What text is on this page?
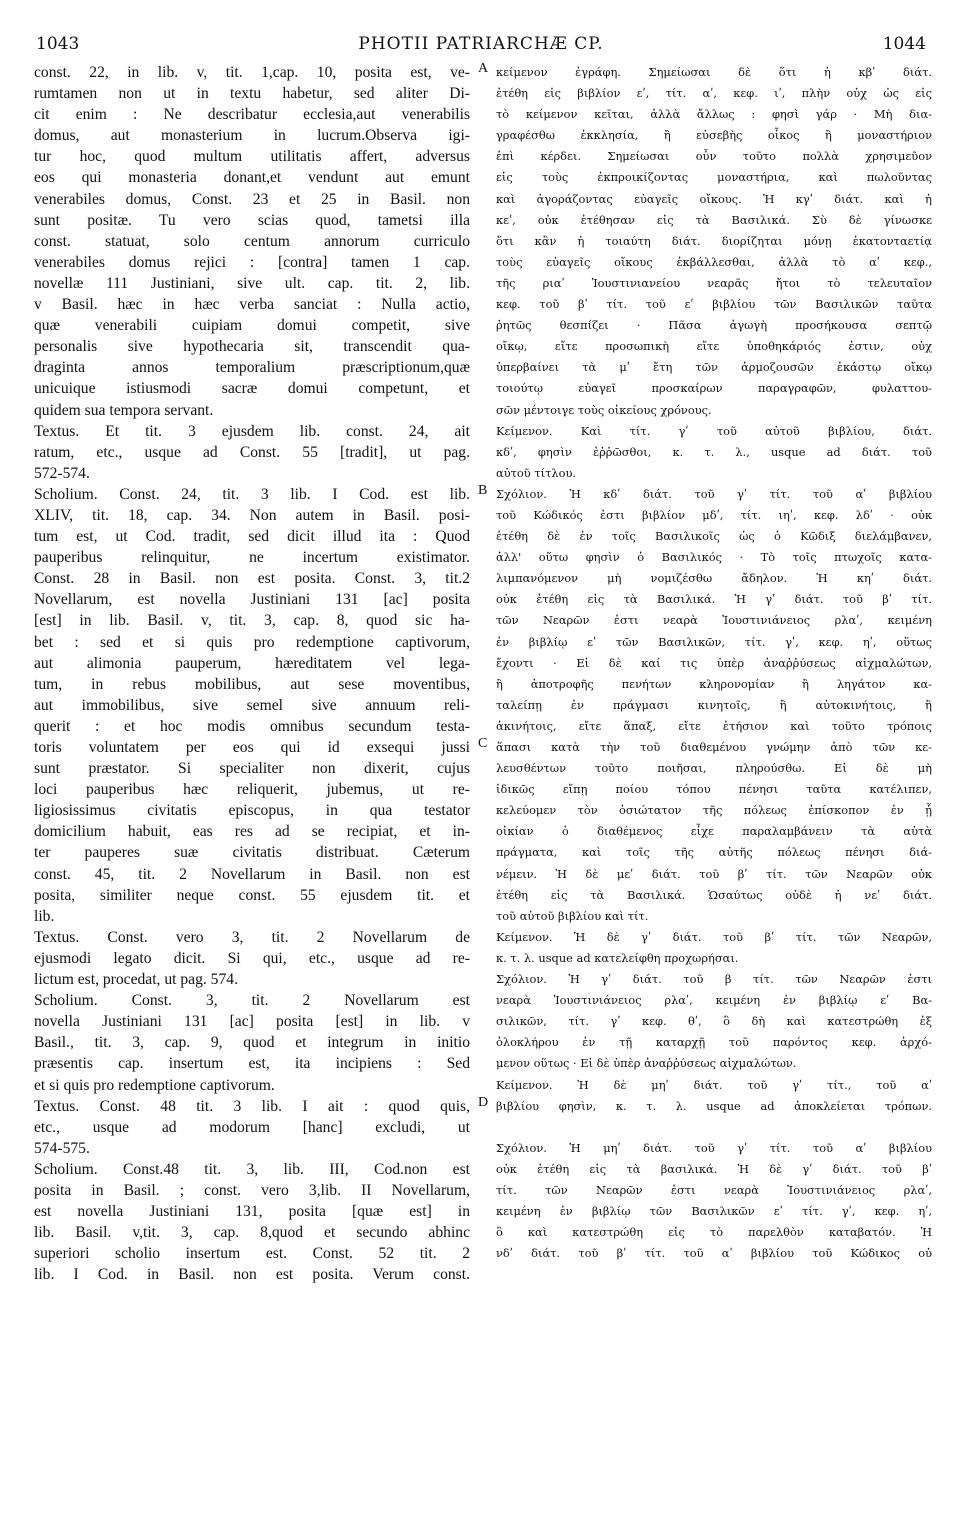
1043	PHOTII PATRIARCHÆ CP.	1044
const. 22, in lib. v, tit. 1,cap. 10, posita est, ve-
rumtamen non ut in textu habetur, sed aliter Di-
cit enim : Ne describatur ecclesia,aut venerabilis
domus, aut monasterium in lucrum.Observa igi-
tur hoc, quod multum utilitatis affert, adversus
eos qui monasteria donant,et vendunt aut emunt
venerabiles domus, Const. 23 et 25 in Basil. non
sunt positæ. Tu vero scias quod, tametsi illa
const. statuat, solo centum annorum curriculo
venerabiles domus rejici : [contra] tamen 1 cap.
novellæ 111 Justiniani, sive ult. cap. tit. 2, lib.
v Basil. hæc in hæc verba sanciat : Nulla actio,
quæ venerabili cuipiam domui competit, sive
personalis sive hypothecaria sit, transcendit qua-
draginta annos temporalium præscriptionum,quæ
unicuique istiusmodi sacræ domui competunt, et
quidem sua tempora servant.
Textus. Et tit. 3 ejusdem lib. const. 24, ait
ratum, etc., usque ad Const. 55 [tradit], ut pag.
572-574.
Scholium. Const. 24, tit. 3 lib. I Cod. est lib.
XLIV, tit. 18, cap. 34. Non autem in Basil. posi-
tum est, ut Cod. tradit, sed dicit illud ita : Quod
pauperibus relinquitur, ne incertum existimator.
Const. 28 in Basil. non est posita. Const. 3, tit.2
Novellarum, est novella Justiniani 131 [ac] posita
[est] in lib. Basil. v, tit. 3, cap. 8, quod sic ha-
bet : sed et si quis pro redemptione captivorum,
aut alimonia pauperum, hæreditatem vel lega-
tum, in rebus mobilibus, aut sese moventibus,
aut immobilibus, sive semel sive annuum reli-
querit : et hoc modis omnibus secundum testa-
toris voluntatem per eos qui id exsequi jussi
sunt præstator. Si specialiter non dixerit, cujus
loci pauperibus hæc reliquerit, jubemus, ut re-
ligiosissimus civitatis episcopus, in qua testator
domicilium habuit, eas res ad se recipiat, et in-
ter pauperes suæ civitatis distribuat. Cæterum
const. 45, tit. 2 Novellarum in Basil. non est
posita, similiter neque const. 55 ejusdem tit. et
lib.
Textus. Const. vero 3, tit. 2 Novellarum de
ejusmodi legato dicit. Si qui, etc., usque ad re-
lictum est, procedat, ut pag. 574.
Scholium. Const. 3, tit. 2 Novellarum est
novella Justiniani 131 [ac] posita [est] in lib. v
Basil., tit. 3, cap. 9, quod et integrum in initio
præsentis cap. insertum est, ita incipiens : Sed
et si quis pro redemptione captivorum.
Textus. Const. 48 tit. 3 lib. I ait : quod quis,
etc., usque ad modorum [hanc] excludi, ut
574-575.
Scholium. Const.48 tit. 3, lib. III, Cod.non est
posita in Basil. ; const. vero 3,lib. II Novellarum,
est novella Justiniani 131, posita [quæ est] in
lib. Basil. v,tit. 3, cap. 8,quod et secundo abhinc
superiori scholio insertum est. Const. 52 tit. 2
lib. I Cod. in Basil. non est posita. Verum const.
κείμενον ἐγράφη. Σημείωσαι δὲ ὅτι ἡ κβʹ διάτ.
ἐτέθη εἰς βιβλίον εʹ, τίτ. αʹ, κεφ. ιʹ, πλὴν οὐχ ὡς εἰς
τὸ κείμενον κεῖται, ἀλλὰ ἄλλως : φησὶ γάρ · Μὴ δια-
γραφέσθω ἐκκλησία, ἢ εὐσεβὴς οἶκος ἢ μοναστήριον
ἐπὶ κέρδει. Σημείωσαι οὖν τοῦτο πολλὰ χρησιμεῦον
εἰς τοὺς ἐκπροικίζοντας μοναστήρια, καὶ πωλοῦντας
καὶ ἀγοράζοντας εὐαγεῖς οἴκους. Ἡ κγʹ διάτ. καὶ ἡ
κεʹ, οὐκ ἐτέθησαν εἰς τὰ Βασιλικά. Σὺ δὲ γίνωσκε
ὅτι κἂν ἡ τοιαύτη διάτ. διορίζηται μόνῃ ἑκατονταετίᾳ
τοὺς εὐαγεῖς οἴκους ἐκβάλλεσθαι, ἀλλὰ τὸ αʹ κεφ.,
τῆς ριαʹ Ἰουστινιανείου νεαρᾶς ἤτοι τὸ τελευταῖον
κεφ. τοῦ βʹ τίτ. τοῦ εʹ βιβλίου τῶν Βασιλικῶν ταῦτα
ῥητῶς θεσπίζει · Πᾶσα ἀγωγὴ προσήκουσα σεπτῷ
οἴκῳ, εἴτε προσωπικὴ εἴτε ὑποθηκάριός ἐστιν, οὐχ
ὑπερβαίνει τὰ μʹ ἔτη τῶν ἁρμοζουσῶν ἑκάστῳ οἴκῳ
τοιούτῳ εὐαγεῖ προσκαίρων παραγραφῶν, φυλαττου-
σῶν μέντοιγε τοὺς οἰκείους χρόνους.
Κείμενον. Καὶ τίτ. γʹ τοῦ αὐτοῦ βιβλίου, διάτ.
κδʹ, φησὶν ἐῤῥῶσθοι, κ. τ. λ., usque ad διάτ. τοῦ
αὐτοῦ τίτλου.
Σχόλιον. Ἡ κδʹ διάτ. τοῦ γʹ τίτ. τοῦ αʹ βιβλίου
τοῦ Κώδικός ἐστι βιβλίον μδʹ, τίτ. ιηʹ, κεφ. λδʹ · οὐκ
ἐτέθη δὲ ἐν τοῖς Βασιλικοῖς ὡς ὁ Κῶδιξ διελάμβανεν,
ἀλλ' οὕτω φησὶν ὁ Βασιλικός · Τὸ τοῖς πτωχοῖς κατα-
λιμπανόμενον μὴ νομιζέσθω ἄδηλον. Ἡ κηʹ διάτ.
οὐκ ἐτέθη εἰς τὰ Βασιλικά. Ἡ γʹ διάτ. τοῦ βʹ τίτ.
τῶν Νεαρῶν ἐστι νεαρὰ Ἰουστινιάνειος ρλαʹ, κειμένη
ἐν βιβλίῳ εʹ τῶν Βασιλικῶν, τίτ. γʹ, κεφ. ηʹ, οὕτως
ἔχοντι · Εἰ δὲ καί τις ὑπὲρ ἀναῤῥύσεως αἰχμαλώτων,
ἢ ἀποτροφῆς πενήτων κληρονομίαν ἢ ληγάτον κα-
ταλείπῃ ἐν πράγμασι κινητοῖς, ἢ αὐτοκινήτοις, ἢ
ἀκινήτοις, εἴτε ἅπαξ, εἴτε ἐτήσιον καὶ τοῦτο τρόποις
ἅπασι κατὰ τὴν τοῦ διαθεμένου γνώμην ἀπὸ τῶν κε-
λευσθέντων τοῦτο ποιῆσαι, πληρούσθω. Εἰ δὲ μὴ
ἰδικῶς εἴπῃ ποίου τόπου πένησι ταῦτα κατέλιπεν,
κελεύομεν τὸν ὁσιώτατον τῆς πόλεως ἐπίσκοπον ἐν ᾗ
οἰκίαν ὁ διαθέμενος εἶχε παραλαμβάνειν τὰ αὐτὰ
πράγματα, καὶ τοῖς τῆς αὐτῆς πόλεως πένησι διά-
νέμειν. Ἡ δὲ μεʹ διάτ. τοῦ βʹ τίτ. τῶν Νεαρῶν οὐκ
ἐτέθη εἰς τὰ Βασιλικά. Ὡσαύτως οὐδὲ ἡ νεʹ διάτ.
τοῦ αὐτοῦ βιβλίου καὶ τίτ.
Κείμενον. Ἡ δὲ γʹ διάτ. τοῦ βʹ τίτ. τῶν Νεαρῶν,
κ. τ. λ. usque ad κατελείφθη προχωρήσαι.
Σχόλιον. Ἡ γʹ διάτ. τοῦ β τίτ. τῶν Νεαρῶν ἐστι
νεαρὰ Ἰουστινιάνειος ρλαʹ, κειμένη ἐν βιβλίῳ εʹ Βα-
σιλικῶν, τίτ. γʹ κεφ. θʹ, ὃ δὴ καὶ κατεστρώθη ἐξ
ὁλοκλήρου ἐν τῇ καταρχῇ τοῦ παρόντος κεφ. ἀρχό-
μενον οὕτως · Εἰ δὲ ὑπὲρ ἀναῤῥύσεως αἰχμαλώτων.
Κείμενον. Ἡ δὲ μηʹ διάτ. τοῦ γʹ τίτ., τοῦ αʹ
βιβλίου φησὶν, κ. τ. λ. usque ad ἀποκλείεται τρόπων.
Σχόλιον. Ἡ μηʹ διάτ. τοῦ γʹ τίτ. τοῦ αʹ βιβλίου
οὐκ ἐτέθη εἰς τὰ βασιλικά. Ἡ δὲ γʹ διάτ. τοῦ βʹ
τίτ. τῶν Νεαρῶν ἐστι νεαρὰ Ἰουστινιάνειος ρλαʹ,
κειμένη ἐν βιβλίῳ τῶν Βασιλικῶν εʹ τίτ. γʹ, κεφ. ηʹ,
ὃ καὶ κατεστρώθη εἰς τὸ παρελθὸν καταβατόν. Ἡ
νδʹ διάτ. τοῦ βʹ τίτ. τοῦ αʹ βιβλίου τοῦ Κώδικος οὐ
A
B
C
D
